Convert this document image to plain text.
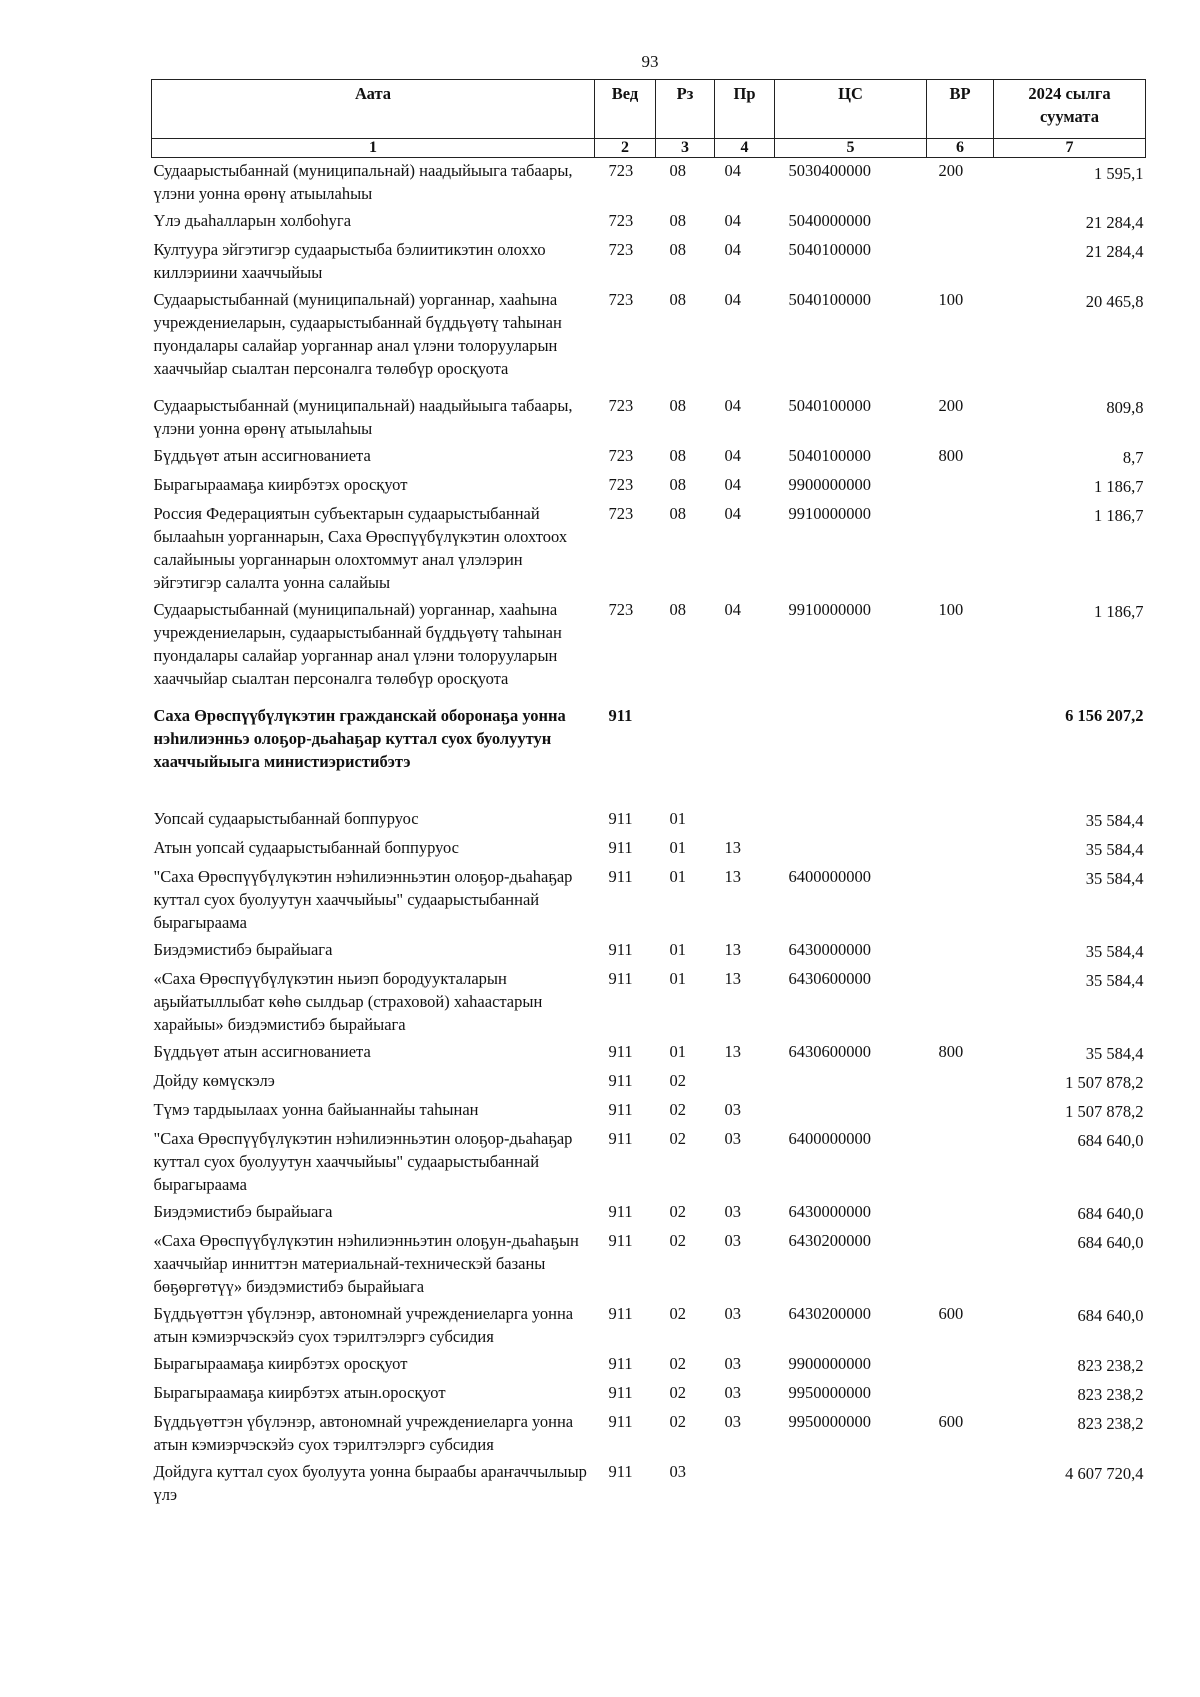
93
Аата	Вед	Рз	Пр	ЦС	ВР	2024 сылга суумата
1	2	3	4	5	6	7
Судаарыстыбаннай (муниципальнай) наадыйыыга табаары, үлэни уонна өрөнү атыылаһыы	723	08	04	5030400000	200	1 595,1
Үлэ дьаһалларын холбоһуга	723	08	04	5040000000		21 284,4
Култуура эйгэтигэр судаарыстыба бэлиитикэтин олоххо киллэриини хааччыйыы	723	08	04	5040100000		21 284,4
Судаарыстыбаннай (муниципальнай) уорганнар, хааһына учреждениеларын, судаарыстыбаннай бүддьүөтү таһынан пуондалары салайар уорганнар анал үлэни толорууларын хааччыйар сыалтан персоналга төлөбүр оросқуота	723	08	04	5040100000	100	20 465,8
Судаарыстыбаннай (муниципальнай) наадыйыыга табаары, үлэни уонна өрөнү атыылаһыы	723	08	04	5040100000	200	809,8
Бүддьүөт атын ассигнованиета	723	08	04	5040100000	800	8,7
Бырагыраамаҕа киирбэтэх оросқуот	723	08	04	9900000000		1 186,7
Россия Федерациятын субъектарын судаарыстыбаннай былааһын уорганнарын, Саха Өрөспүүбүлүкэтин олохтоох салайыныы уорганнарын олохтоммут анал үлэлэрин эйгэтигэр салалта уонна салайыы	723	08	04	9910000000		1 186,7
Судаарыстыбаннай (муниципальнай) уорганнар, хааһына учреждениеларын, судаарыстыбаннай бүддьүөтү таһынан пуондалары салайар уорганнар анал үлэни толорууларын хааччыйар сыалтан персоналга төлөбүр оросқуота	723	08	04	9910000000	100	1 186,7
Саха Өрөспүүбүлүкэтин гражданскай оборонаҕа уонна нэһилиэнньэ олоҕор-дьаһаҕар куттал суох буолуутун хааччыйыыга министиэристибэтэ	911					6 156 207,2
Уопсай судаарыстыбаннай боппуруос	911	01				35 584,4
Атын уопсай судаарыстыбаннай боппуруос	911	01	13			35 584,4
"Саха Өрөспүүбүлүкэтин нэһилиэнньэтин олоҕор-дьаһаҕар куттал суох буолуутун хааччыйыы" судаарыстыбаннай бырагыраама	911	01	13	6400000000		35 584,4
Биэдэмистибэ бырайыага	911	01	13	6430000000		35 584,4
«Саха Өрөспүүбүлүкэтин ньиэп бородуукталарын аҕыйатыллыбат кѳһѳ сылдьар (страховой) хаһаастарын харайыы» биэдэмистибэ бырайыага	911	01	13	6430600000		35 584,4
Бүддьүөт атын ассигнованиета	911	01	13	6430600000	800	35 584,4
Дойду көмүскэлэ	911	02				1 507 878,2
Түмэ тардыылаах уонна байыаннайы таһынан	911	02	03			1 507 878,2
"Саха Өрөспүүбүлүкэтин нэһилиэнньэтин олоҕор-дьаһаҕар куттал суох буолуутун хааччыйыы" судаарыстыбаннай бырагыраама	911	02	03	6400000000		684 640,0
Биэдэмистибэ бырайыага	911	02	03	6430000000		684 640,0
«Саха Өрөспүүбүлүкэтин нэһилиэнньэтин олоҕун-дьаһаҕын хааччыйар инниттэн материальнай-техническэй базаны бөҕөргөтүү» биэдэмистибэ бырайыага	911	02	03	6430200000		684 640,0
Бүддьүөттэн үбүлэнэр, автономнай учреждениеларга уонна атын кэмиэрчэскэйэ суох тэрилтэлэргэ субсидия	911	02	03	6430200000	600	684 640,0
Бырагыраамаҕа киирбэтэх оросқуот	911	02	03	9900000000		823 238,2
Бырагыраамаҕа киирбэтэх атын.оросқуот	911	02	03	9950000000		823 238,2
Бүддьүөттэн үбүлэнэр, автономнай учреждениеларга уонна атын кэмиэрчэскэйэ суох тэрилтэлэргэ субсидия	911	02	03	9950000000	600	823 238,2
Дойдуга куттал суох буолуута уонна быраабы араҥаччылыыр үлэ	911	03				4 607 720,4
